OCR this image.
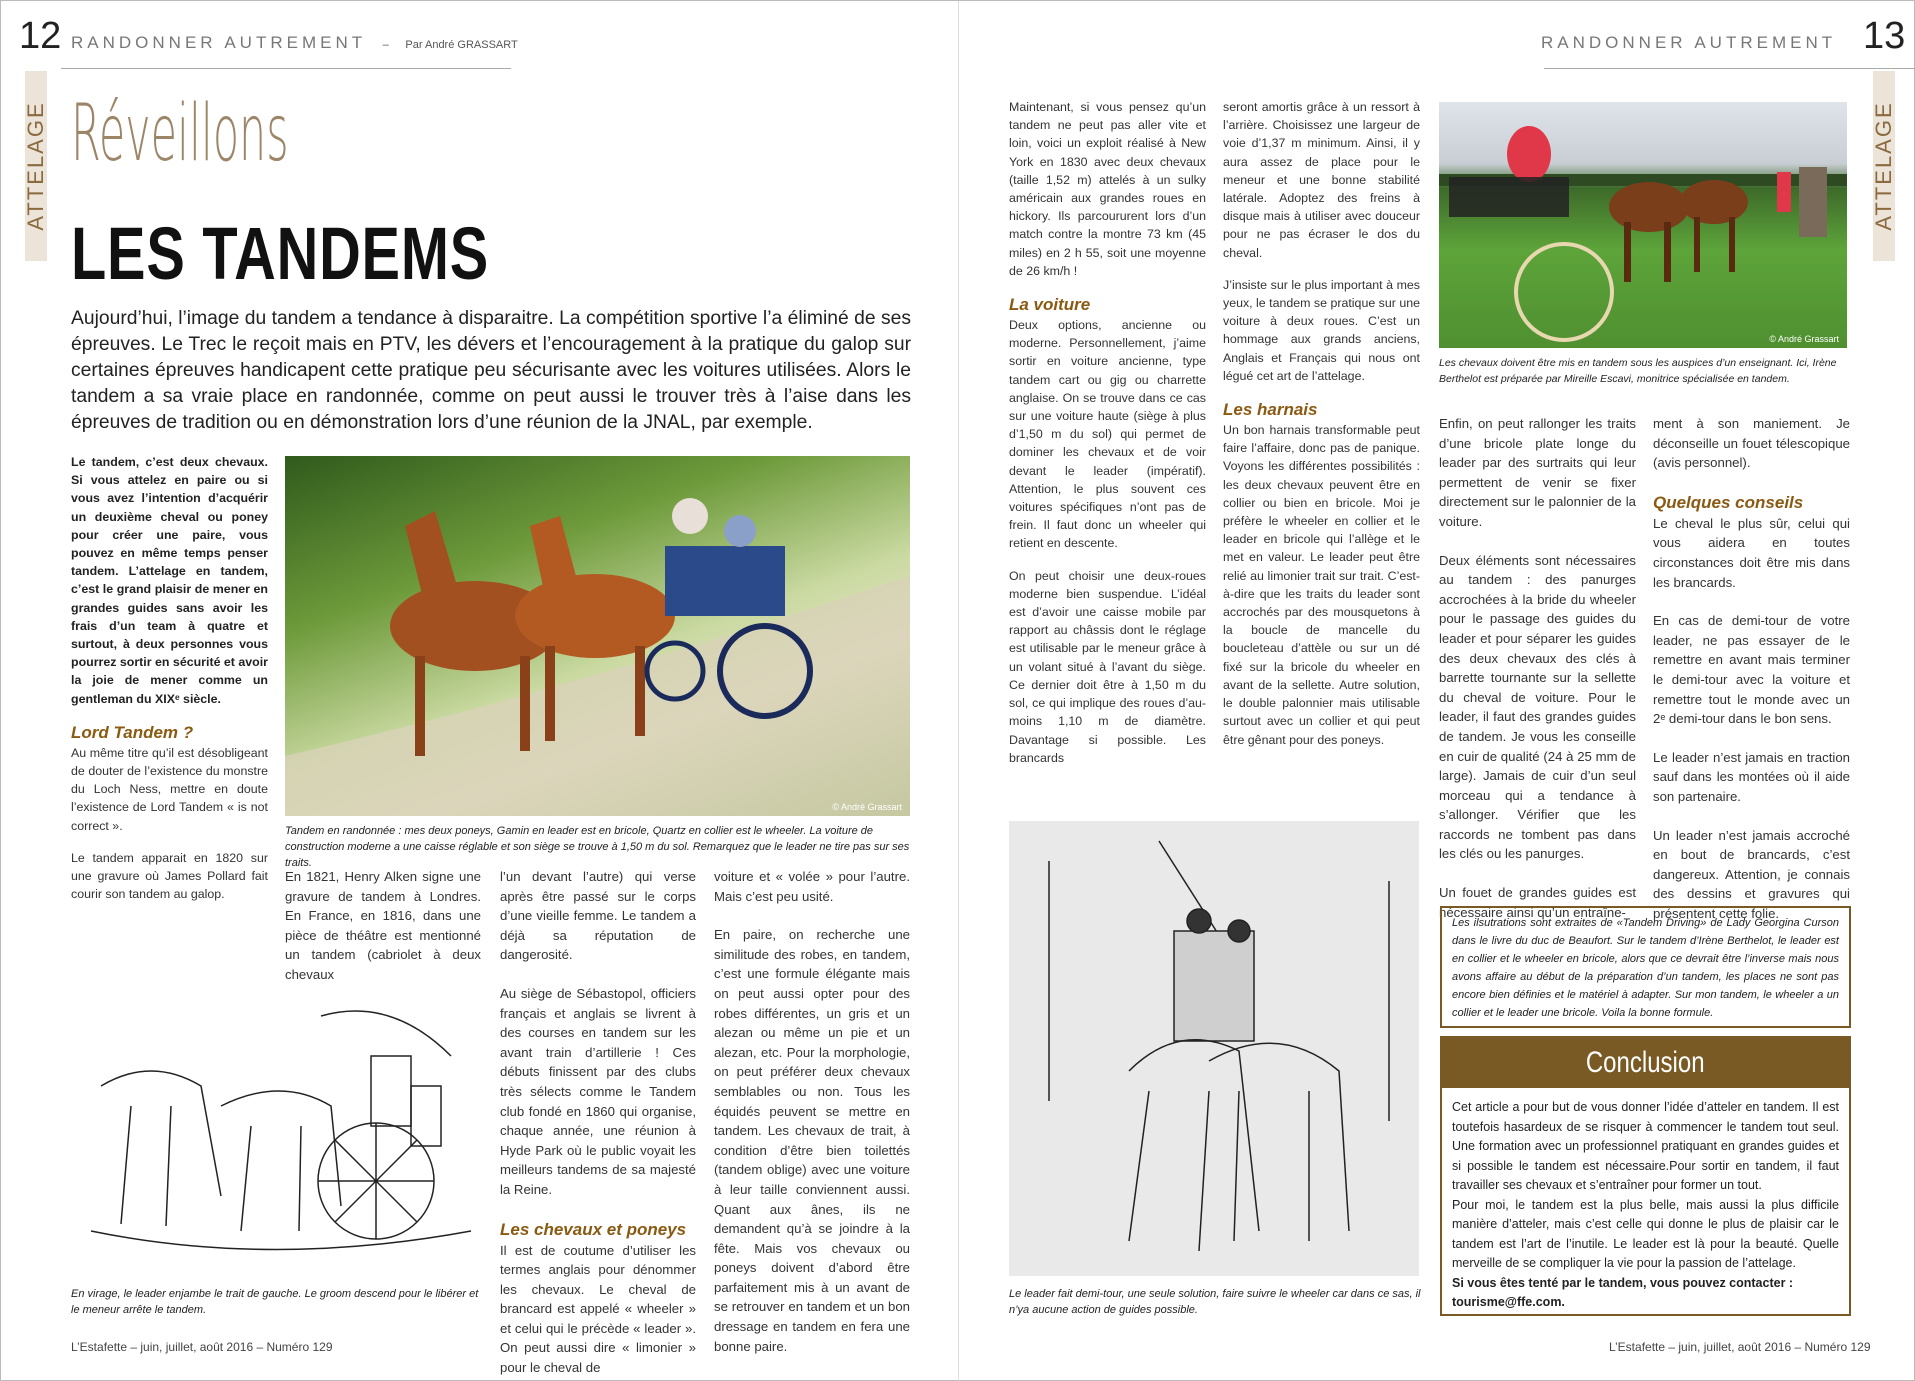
12 RANDONNER AUTREMENT – Par André GRASSART
ATTELAGE Réveillons
LES TANDEMS
Aujourd’hui, l’image du tandem a tendance à disparaitre. La compétition sportive l’a éliminé de ses épreuves. Le Trec le reçoit mais en PTV, les dévers et l’encouragement à la pratique du galop sur certaines épreuves handicapent cette pratique peu sécurisante avec les voitures utilisées. Alors le tandem a sa vraie place en randonnée, comme on peut aussi le trouver très à l’aise dans les épreuves de tradition ou en démonstration lors d’une réunion de la JNAL, par exemple.

Le tandem, c’est deux chevaux. Si vous attelez en paire ou si vous avez l’intention d’acquérir un deuxième cheval ou poney pour créer une paire, vous pouvez en même temps penser tandem. L’attelage en tandem, c’est le grand plaisir de mener en grandes guides sans avoir les frais d’un team à quatre et surtout, à deux personnes vous pourrez sortir en sécurité et avoir la joie de mener comme un gentleman du XIXᵉ siècle.

Lord Tandem ?

Au même titre qu’il est désobligeant de douter de l’existence du monstre du Loch Ness, mettre en doute l’existence de Lord Tandem « is not correct ».

Le tandem apparait en 1820 sur une gravure où James Pollard fait courir son tandem au galop.

© André Grassart
Tandem en randonnée : mes deux poneys, Gamin en leader est en bricole, Quartz en collier est le wheeler. La voiture de construction moderne a une caisse réglable et son siège se trouve à 1,50 m du sol. Remarquez que le leader ne tire pas sur ses traits.

En 1821, Henry Alken signe une gravure de tandem à Londres. En France, en 1816, dans une pièce de théâtre est mentionné un tandem (cabriolet à deux chevaux

En virage, le leader enjambe le trait de gauche. Le groom descend pour le libérer et le meneur arrête le tandem.

l’un devant l’autre) qui verse après être passé sur le corps d’une vieille femme. Le tandem a déjà sa réputation de dangerosité.

Au siège de Sébastopol, officiers français et anglais se livrent à des courses en tandem sur les avant train d’artillerie ! Ces débuts finissent par des clubs très sélects comme le Tandem club fondé en 1860 qui organise, chaque année, une réunion à Hyde Park où le public voyait les meilleurs tandems de sa majesté la Reine.

Les chevaux et poneys

Il est de coutume d’utiliser les termes anglais pour dénommer les chevaux. Le cheval de brancard est appelé « wheeler » et celui qui le précède « leader ». On peut aussi dire « limonier » pour le cheval de

voiture et « volée » pour l’autre. Mais c’est peu usité.

En paire, on recherche une similitude des robes, en tandem, c’est une formule élégante mais on peut aussi opter pour des robes différentes, un gris et un alezan ou même un pie et un alezan, etc. Pour la morphologie, on peut préférer deux chevaux semblables ou non. Tous les équidés peuvent se mettre en tandem. Les chevaux de trait, à condition d’être bien toilettés (tandem oblige) avec une voiture à leur taille conviennent aussi. Quant aux ânes, ils ne demandent qu’à se joindre à la fête. Mais vos chevaux ou poneys doivent d’abord être parfaitement mis à un avant de se retrouver en tandem et un bon dressage en tandem en fera une bonne paire.

L’Estafette – juin, juillet, août 2016 – Numéro 129
RANDONNER AUTREMENT 13
ATTELAGE

Maintenant, si vous pensez qu’un tandem ne peut pas aller vite et loin, voici un exploit réalisé à New York en 1830 avec deux chevaux (taille 1,52 m) attelés à un sulky américain aux grandes roues en hickory. Ils parcoururent lors d’un match contre la montre 73 km (45 miles) en 2 h 55, soit une moyenne de 26 km/h !

La voiture

Deux options, ancienne ou moderne. Personnellement, j’aime sortir en voiture ancienne, type tandem cart ou gig ou charrette anglaise. On se trouve dans ce cas sur une voiture haute (siège à plus d’1,50 m du sol) qui permet de dominer les chevaux et de voir devant le leader (impératif). Attention, le plus souvent ces voitures spécifiques n’ont pas de frein. Il faut donc un wheeler qui retient en descente.

On peut choisir une deux-roues moderne bien suspendue. L’idéal est d’avoir une caisse mobile par rapport au châssis dont le réglage est utilisable par le meneur grâce à un volant situé à l’avant du siège. Ce dernier doit être à 1,50 m du sol, ce qui implique des roues d’au-moins 1,10 m de diamètre. Davantage si possible. Les brancards

seront amortis grâce à un ressort à l’arrière. Choisissez une largeur de voie d’1,37 m minimum. Ainsi, il y aura assez de place pour le meneur et une bonne stabilité latérale. Adoptez des freins à disque mais à utiliser avec douceur pour ne pas écraser le dos du cheval.

J’insiste sur le plus important à mes yeux, le tandem se pratique sur une voiture à deux roues. C’est un hommage aux grands anciens, Anglais et Français qui nous ont légué cet art de l’attelage.

Les harnais

Un bon harnais transformable peut faire l’affaire, donc pas de panique. Voyons les différentes possibilités : les deux chevaux peuvent être en collier ou bien en bricole. Moi je préfère le wheeler en collier et le leader en bricole qui l’allège et le met en valeur. Le leader peut être relié au limonier trait sur trait. C’est-à-dire que les traits du leader sont accrochés par des mousquetons à la boucle de mancelle du boucleteau d’attèle ou sur un dé fixé sur la bricole du wheeler en avant de la sellette. Autre solution, le double palonnier mais utilisable surtout avec un collier et qui peut être gênant pour des poneys.

© André Grassart
Les chevaux doivent être mis en tandem sous les auspices d’un enseignant. Ici, Irène Berthelot est préparée par Mireille Escavi, monitrice spécialisée en tandem.
Le leader fait demi-tour, une seule solution, faire suivre le wheeler car dans ce sas, il n’ya aucune action de guides possible.

Enfin, on peut rallonger les traits d’une bricole plate longe du leader par des surtraits qui leur permettent de venir se fixer directement sur le palonnier de la voiture.

Deux éléments sont nécessaires au tandem : des panurges accrochées à la bride du wheeler pour le passage des guides du leader et pour séparer les guides des deux chevaux des clés à barrette tournante sur la sellette du cheval de voiture. Pour le leader, il faut des grandes guides de tandem. Je vous les conseille en cuir de qualité (24 à 25 mm de large). Jamais de cuir d’un seul morceau qui a tendance à s’allonger. Vérifier que les raccords ne tombent pas dans les clés ou les panurges.

Un fouet de grandes guides est nécessaire ainsi qu’un entraîne-

ment à son maniement. Je déconseille un fouet télescopique (avis personnel).

Quelques conseils

Le cheval le plus sûr, celui qui vous aidera en toutes circonstances doit être mis dans les brancards.

En cas de demi-tour de votre leader, ne pas essayer de le remettre en avant mais terminer le demi-tour avec la voiture et remettre tout le monde avec un 2ᵉ demi-tour dans le bon sens.

Le leader n’est jamais en traction sauf dans les montées où il aide son partenaire.

Un leader n’est jamais accroché en bout de brancards, c’est dangereux. Attention, je connais des dessins et gravures qui présentent cette folie.

Les ilsutrations sont extraites de «Tandem Driving» de Lady Georgina Curson dans le livre du duc de Beaufort. Sur le tandem d’Irène Berthelot, le leader est en collier et le wheeler en bricole, alors que ce devrait être l’inverse mais nous avons affaire au début de la préparation d’un tandem, les places ne sont pas encore bien définies et le matériel à adapter. Sur mon tandem, le wheeler a un collier et le leader une bricole. Voila la bonne formule.
Conclusion
Cet article a pour but de vous donner l’idée d’atteler en tandem. Il est toutefois hasardeux de se risquer à commencer le tandem tout seul. Une formation avec un professionnel pratiquant en grandes guides et si possible le tandem est nécessaire.Pour sortir en tandem, il faut travailler ses chevaux et s’entraîner pour former un tout.
Pour moi, le tandem est la plus belle, mais aussi la plus difficile manière d’atteler, mais c’est celle qui donne le plus de plaisir car le tandem est l’art de l’inutile. Le leader est là pour la beauté. Quelle merveille de se compliquer la vie pour la passion de l’attelage.
Si vous êtes tenté par le tandem, vous pouvez contacter :
tourisme@ffe.com.
L’Estafette – juin, juillet, août 2016 – Numéro 129
